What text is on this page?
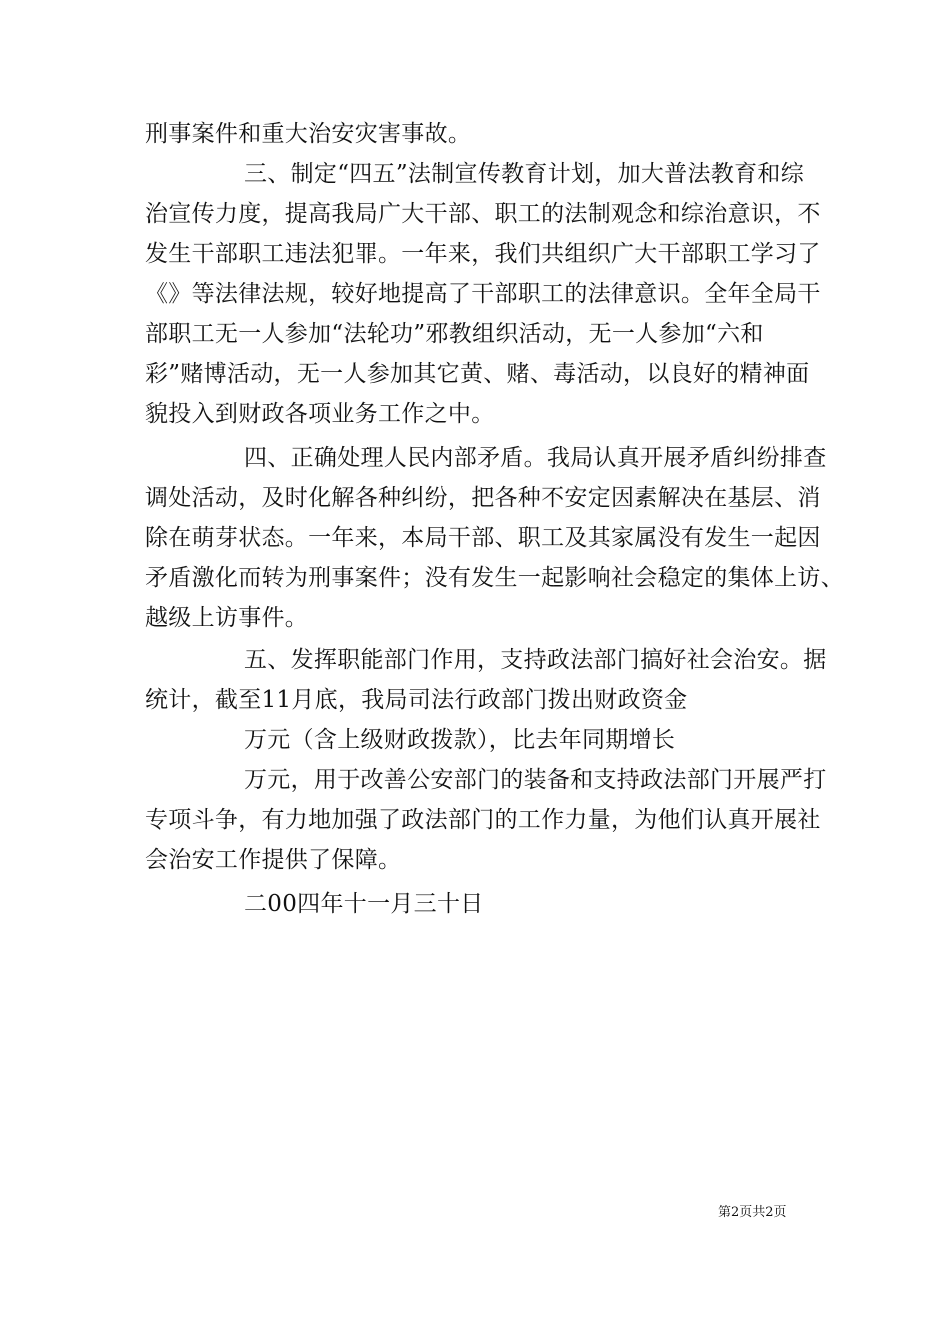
刑事案件和重大治安灾害事故。
三、制定“四五”法制宣传教育计划，加大普法教育和综
治宣传力度，提高我局广大干部、职工的法制观念和综治意识，不
发生干部职工违法犯罪。一年来，我们共组织广大干部职工学习了
《》等法律法规，较好地提高了干部职工的法律意识。全年全局干
部职工无一人参加“法轮功”邪教组织活动，无一人参加“六和
彩”赌博活动，无一人参加其它黄、赌、毒活动，以良好的精神面
貌投入到财政各项业务工作之中。
四、正确处理人民内部矛盾。我局认真开展矛盾纠纷排查
调处活动，及时化解各种纠纷，把各种不安定因素解决在基层、消
除在萌芽状态。一年来，本局干部、职工及其家属没有发生一起因
矛盾激化而转为刑事案件；没有发生一起影响社会稳定的集体上访、
越级上访事件。
五、发挥职能部门作用，支持政法部门搞好社会治安。据
统计，截至11月底，我局司法行政部门拨出财政资金
万元（含上级财政拨款），比去年同期增长
万元，用于改善公安部门的装备和支持政法部门开展严打
专项斗争，有力地加强了政法部门的工作力量，为他们认真开展社
会治安工作提供了保障。
二00四年十一月三十日
第2页共2页
